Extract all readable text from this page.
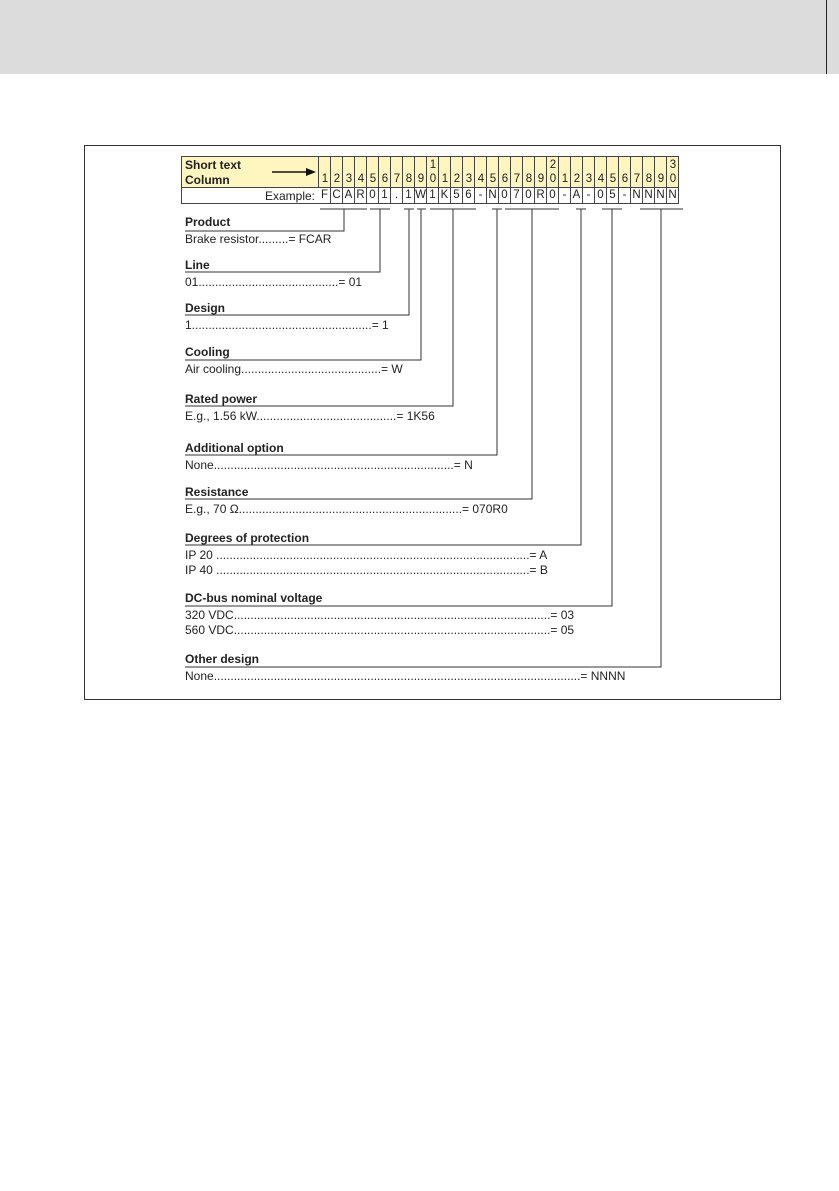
Short text
Column
Example:
1
F
2
C
3
A
4
R
5
0
6
1
7
.
8
1
9
W
1
0
1
1
K
2
5
3
6
4
-
5
N
6
0
7
7
8
0
9
R
2
0
0
1
-
2
A
3
-
4
0
5
5
6
-
7
N
8
N
9
N
3
0
N
Product
Brake resistor.........= FCAR
Line
01..........................................= 01
Design
1......................................................= 1
Cooling
Air cooling..........................................= W
Rated power
E.g., 1.56 kW..........................................= 1K56
Additional option
None........................................................................= N
Resistance
E.g., 70 Ω...................................................................= 070R0
Degrees of protection
IP 20 ..............................................................................................= A
IP 40 ..............................................................................................= B
DC-bus nominal voltage
320 VDC...............................................................................................= 03
560 VDC...............................................................................................= 05
Other design
None..............................................................................................................= NNNN
